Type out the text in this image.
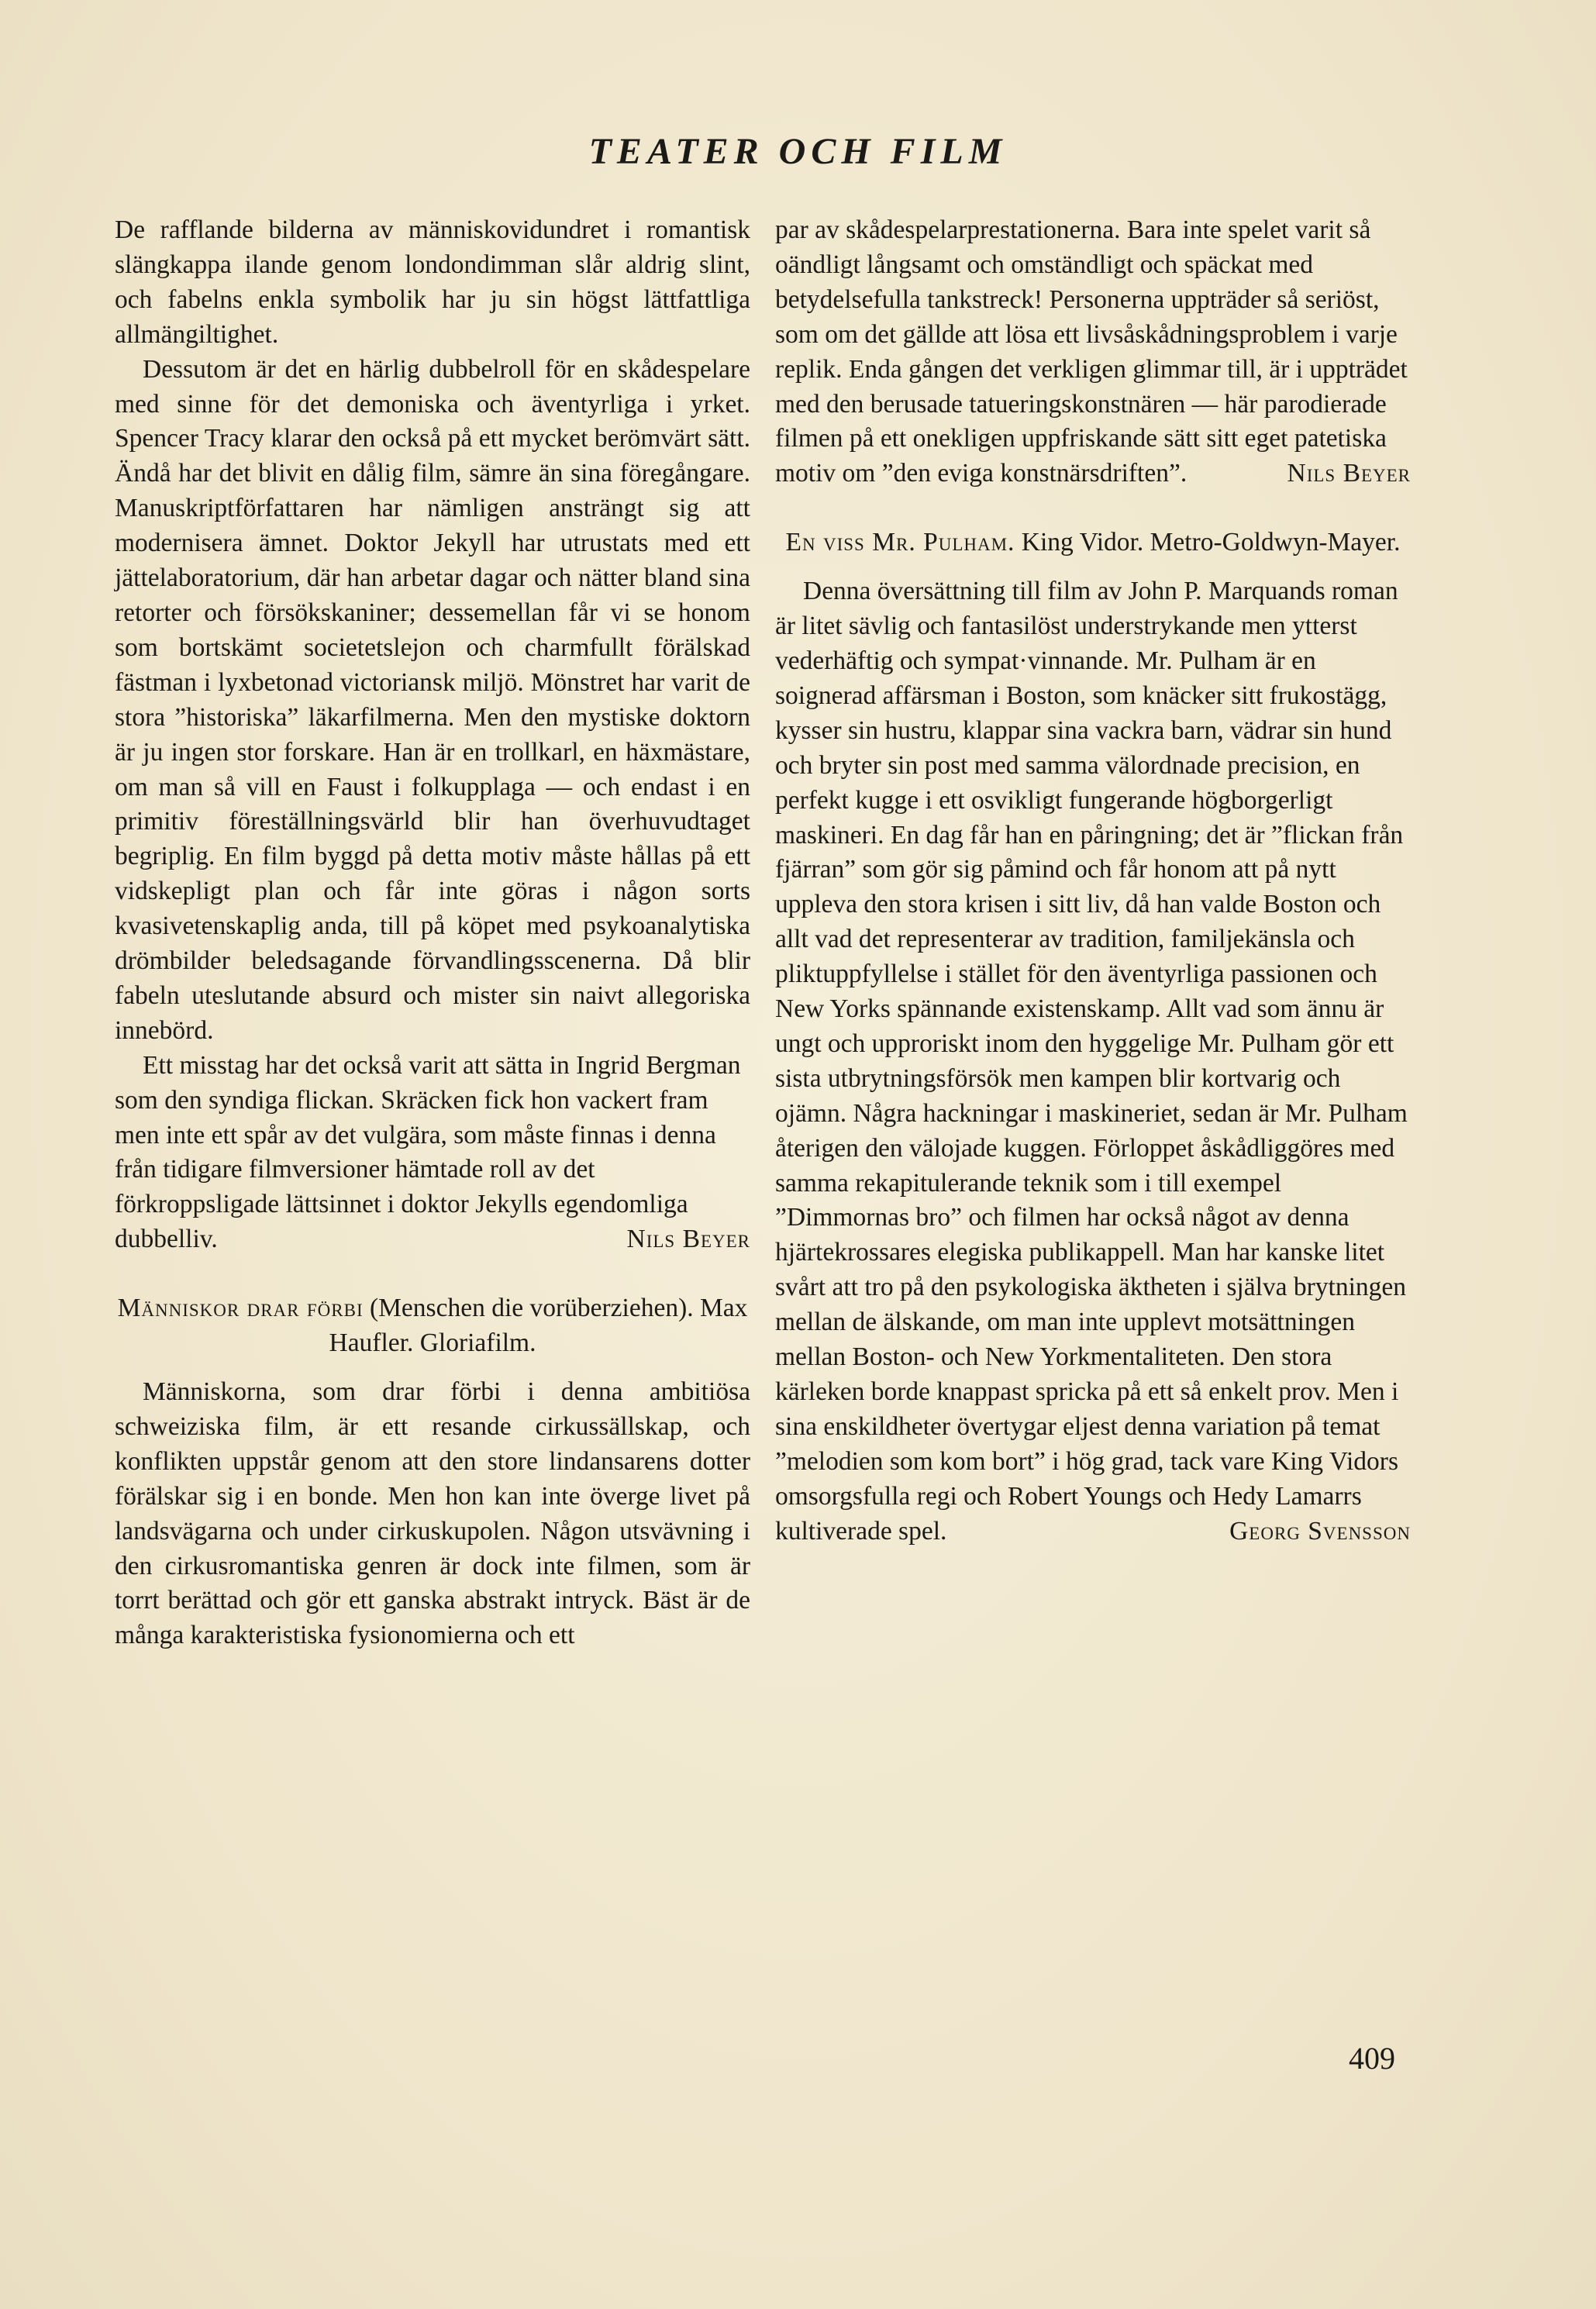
TEATER OCH FILM

De rafflande bilderna av människovidundret i romantisk slängkappa ilande genom londondimman slår aldrig slint, och fabelns enkla symbolik har ju sin högst lättfattliga allmängiltighet.

Dessutom är det en härlig dubbelroll för en skådespelare med sinne för det demoniska och äventyrliga i yrket. Spencer Tracy klarar den också på ett mycket berömvärt sätt. Ändå har det blivit en dålig film, sämre än sina föregångare. Manuskriptförfattaren har nämligen ansträngt sig att modernisera ämnet. Doktor Jekyll har utrustats med ett jättelaboratorium, där han arbetar dagar och nätter bland sina retorter och försökskaniner; dessemellan får vi se honom som bortskämt societetslejon och charmfullt förälskad fästman i lyxbetonad victoriansk miljö. Mönstret har varit de stora ”historiska” läkarfilmerna. Men den mystiske doktorn är ju ingen stor forskare. Han är en trollkarl, en häxmästare, om man så vill en Faust i folkupplaga — och endast i en primitiv föreställningsvärld blir han överhuvudtaget begriplig. En film byggd på detta motiv måste hållas på ett vidskepligt plan och får inte göras i någon sorts kvasivetenskaplig anda, till på köpet med psykoanalytiska drömbilder beledsagande förvandlingsscenerna. Då blir fabeln uteslutande absurd och mister sin naivt allegoriska innebörd.

Ett misstag har det också varit att sätta in Ingrid Bergman som den syndiga flickan. Skräcken fick hon vackert fram men inte ett spår av det vulgära, som måste finnas i denna från tidigare filmversioner hämtade roll av det förkroppsligade lättsinnet i doktor Jekylls egendomliga dubbelliv.	Nils Beyer

Människor drar förbi (Menschen die vorüberziehen). Max Haufler. Gloriafilm.

Människorna, som drar förbi i denna ambitiösa schweiziska film, är ett resande cirkussällskap, och konflikten uppstår genom att den store lindansarens dotter förälskar sig i en bonde. Men hon kan inte överge livet på landsvägarna och under cirkuskupolen. Någon utsvävning i den cirkusromantiska genren är dock inte filmen, som är torrt berättad och gör ett ganska abstrakt intryck. Bäst är de många karakteristiska fysionomierna och ett

par av skådespelarprestationerna. Bara inte spelet varit så oändligt långsamt och omständligt och späckat med betydelsefulla tankstreck! Personerna uppträder så seriöst, som om det gällde att lösa ett livsåskådningsproblem i varje replik. Enda gången det verkligen glimmar till, är i uppträdet med den berusade tatueringskonstnären — här parodierade filmen på ett onekligen uppfriskande sätt sitt eget patetiska motiv om ”den eviga konstnärsdriften”.	Nils Beyer

En viss Mr. Pulham. King Vidor. Metro-Goldwyn-Mayer.

Denna översättning till film av John P. Marquands roman är litet sävlig och fantasilöst understrykande men ytterst vederhäftig och sympat·vinnande. Mr. Pulham är en soignerad affärsman i Boston, som knäcker sitt frukostägg, kysser sin hustru, klappar sina vackra barn, vädrar sin hund och bryter sin post med samma välordnade precision, en perfekt kugge i ett osvikligt fungerande högborgerligt maskineri. En dag får han en påringning; det är ”flickan från fjärran” som gör sig påmind och får honom att på nytt uppleva den stora krisen i sitt liv, då han valde Boston och allt vad det representerar av tradition, familjekänsla och pliktuppfyllelse i stället för den äventyrliga passionen och New Yorks spännande existenskamp. Allt vad som ännu är ungt och upproriskt inom den hyggelige Mr. Pulham gör ett sista utbrytningsförsök men kampen blir kortvarig och ojämn. Några hackningar i maskineriet, sedan är Mr. Pulham återigen den välojade kuggen. Förloppet åskådliggöres med samma rekapitulerande teknik som i till exempel ”Dimmornas bro” och filmen har också något av denna hjärtekrossares elegiska publikappell. Man har kanske litet svårt att tro på den psykologiska äktheten i själva brytningen mellan de älskande, om man inte upplevt motsättningen mellan Boston- och New Yorkmentaliteten. Den stora kärleken borde knappast spricka på ett så enkelt prov. Men i sina enskildheter övertygar eljest denna variation på temat ”melodien som kom bort” i hög grad, tack vare King Vidors omsorgsfulla regi och Robert Youngs och Hedy Lamarrs kultiverade spel.	Georg Svensson

409
